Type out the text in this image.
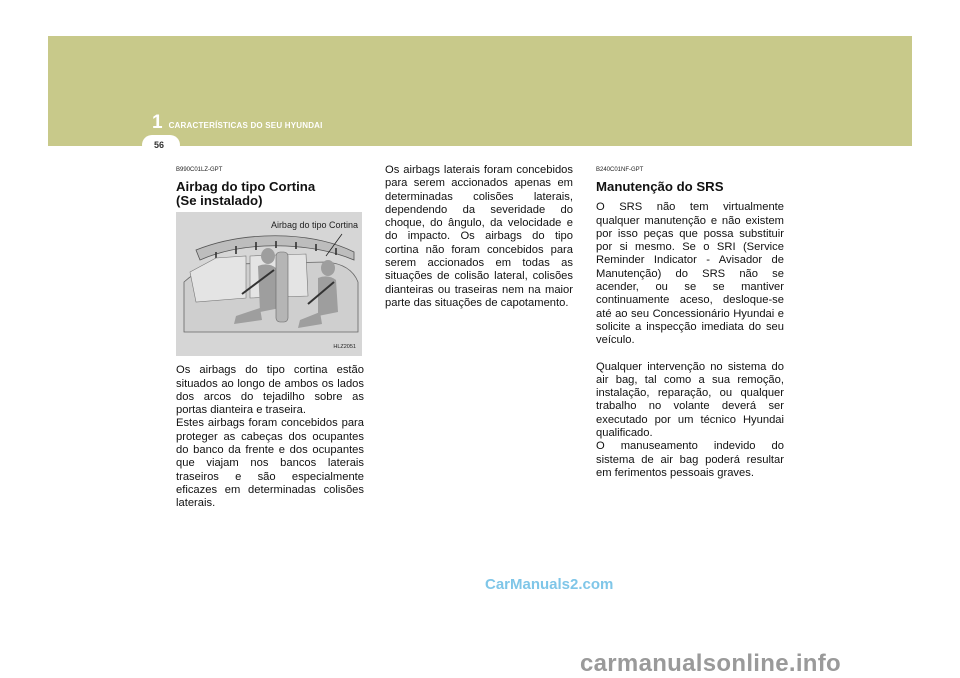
1 CARACTERÍSTICAS DO SEU HYUNDAI
56
B990C01LZ-GPT
Airbag do tipo Cortina
(Se instalado)
Airbag do tipo Cortina
HLZ2051

Os airbags do tipo cortina estão situados ao longo de ambos os lados dos arcos do tejadilho sobre as portas dianteira e traseira.

Estes airbags foram concebidos para proteger as cabeças dos ocupantes do banco da frente e dos ocupantes que viajam nos bancos laterais traseiros e são especialmente eficazes em determinadas colisões laterais.

Os airbags laterais foram concebidos para serem accionados apenas em determinadas colisões laterais, dependendo da severidade do choque, do ângulo, da velocidade e do impacto. Os airbags do tipo cortina não foram concebidos para serem accionados em todas as situações de colisão lateral, colisões dianteiras ou traseiras nem na maior parte das situações de capotamento.

B240C01NF-GPT
Manutenção do SRS

O SRS não tem virtualmente qualquer manutenção e não existem por isso peças que possa substituir por si mesmo. Se o SRI (Service Reminder Indicator - Avisador de Manutenção) do SRS não se acender, ou se se mantiver continuamente aceso, desloque-se até ao seu Concessionário Hyundai e solicite a inspecção imediata do seu veículo.

Qualquer intervenção no sistema do air bag, tal como a sua remoção, instalação, reparação, ou qualquer trabalho no volante deverá ser executado por um técnico Hyundai qualificado.

O manuseamento indevido do sistema de air bag poderá resultar em ferimentos pessoais graves.

CarManuals2.com
carmanualsonline.info
